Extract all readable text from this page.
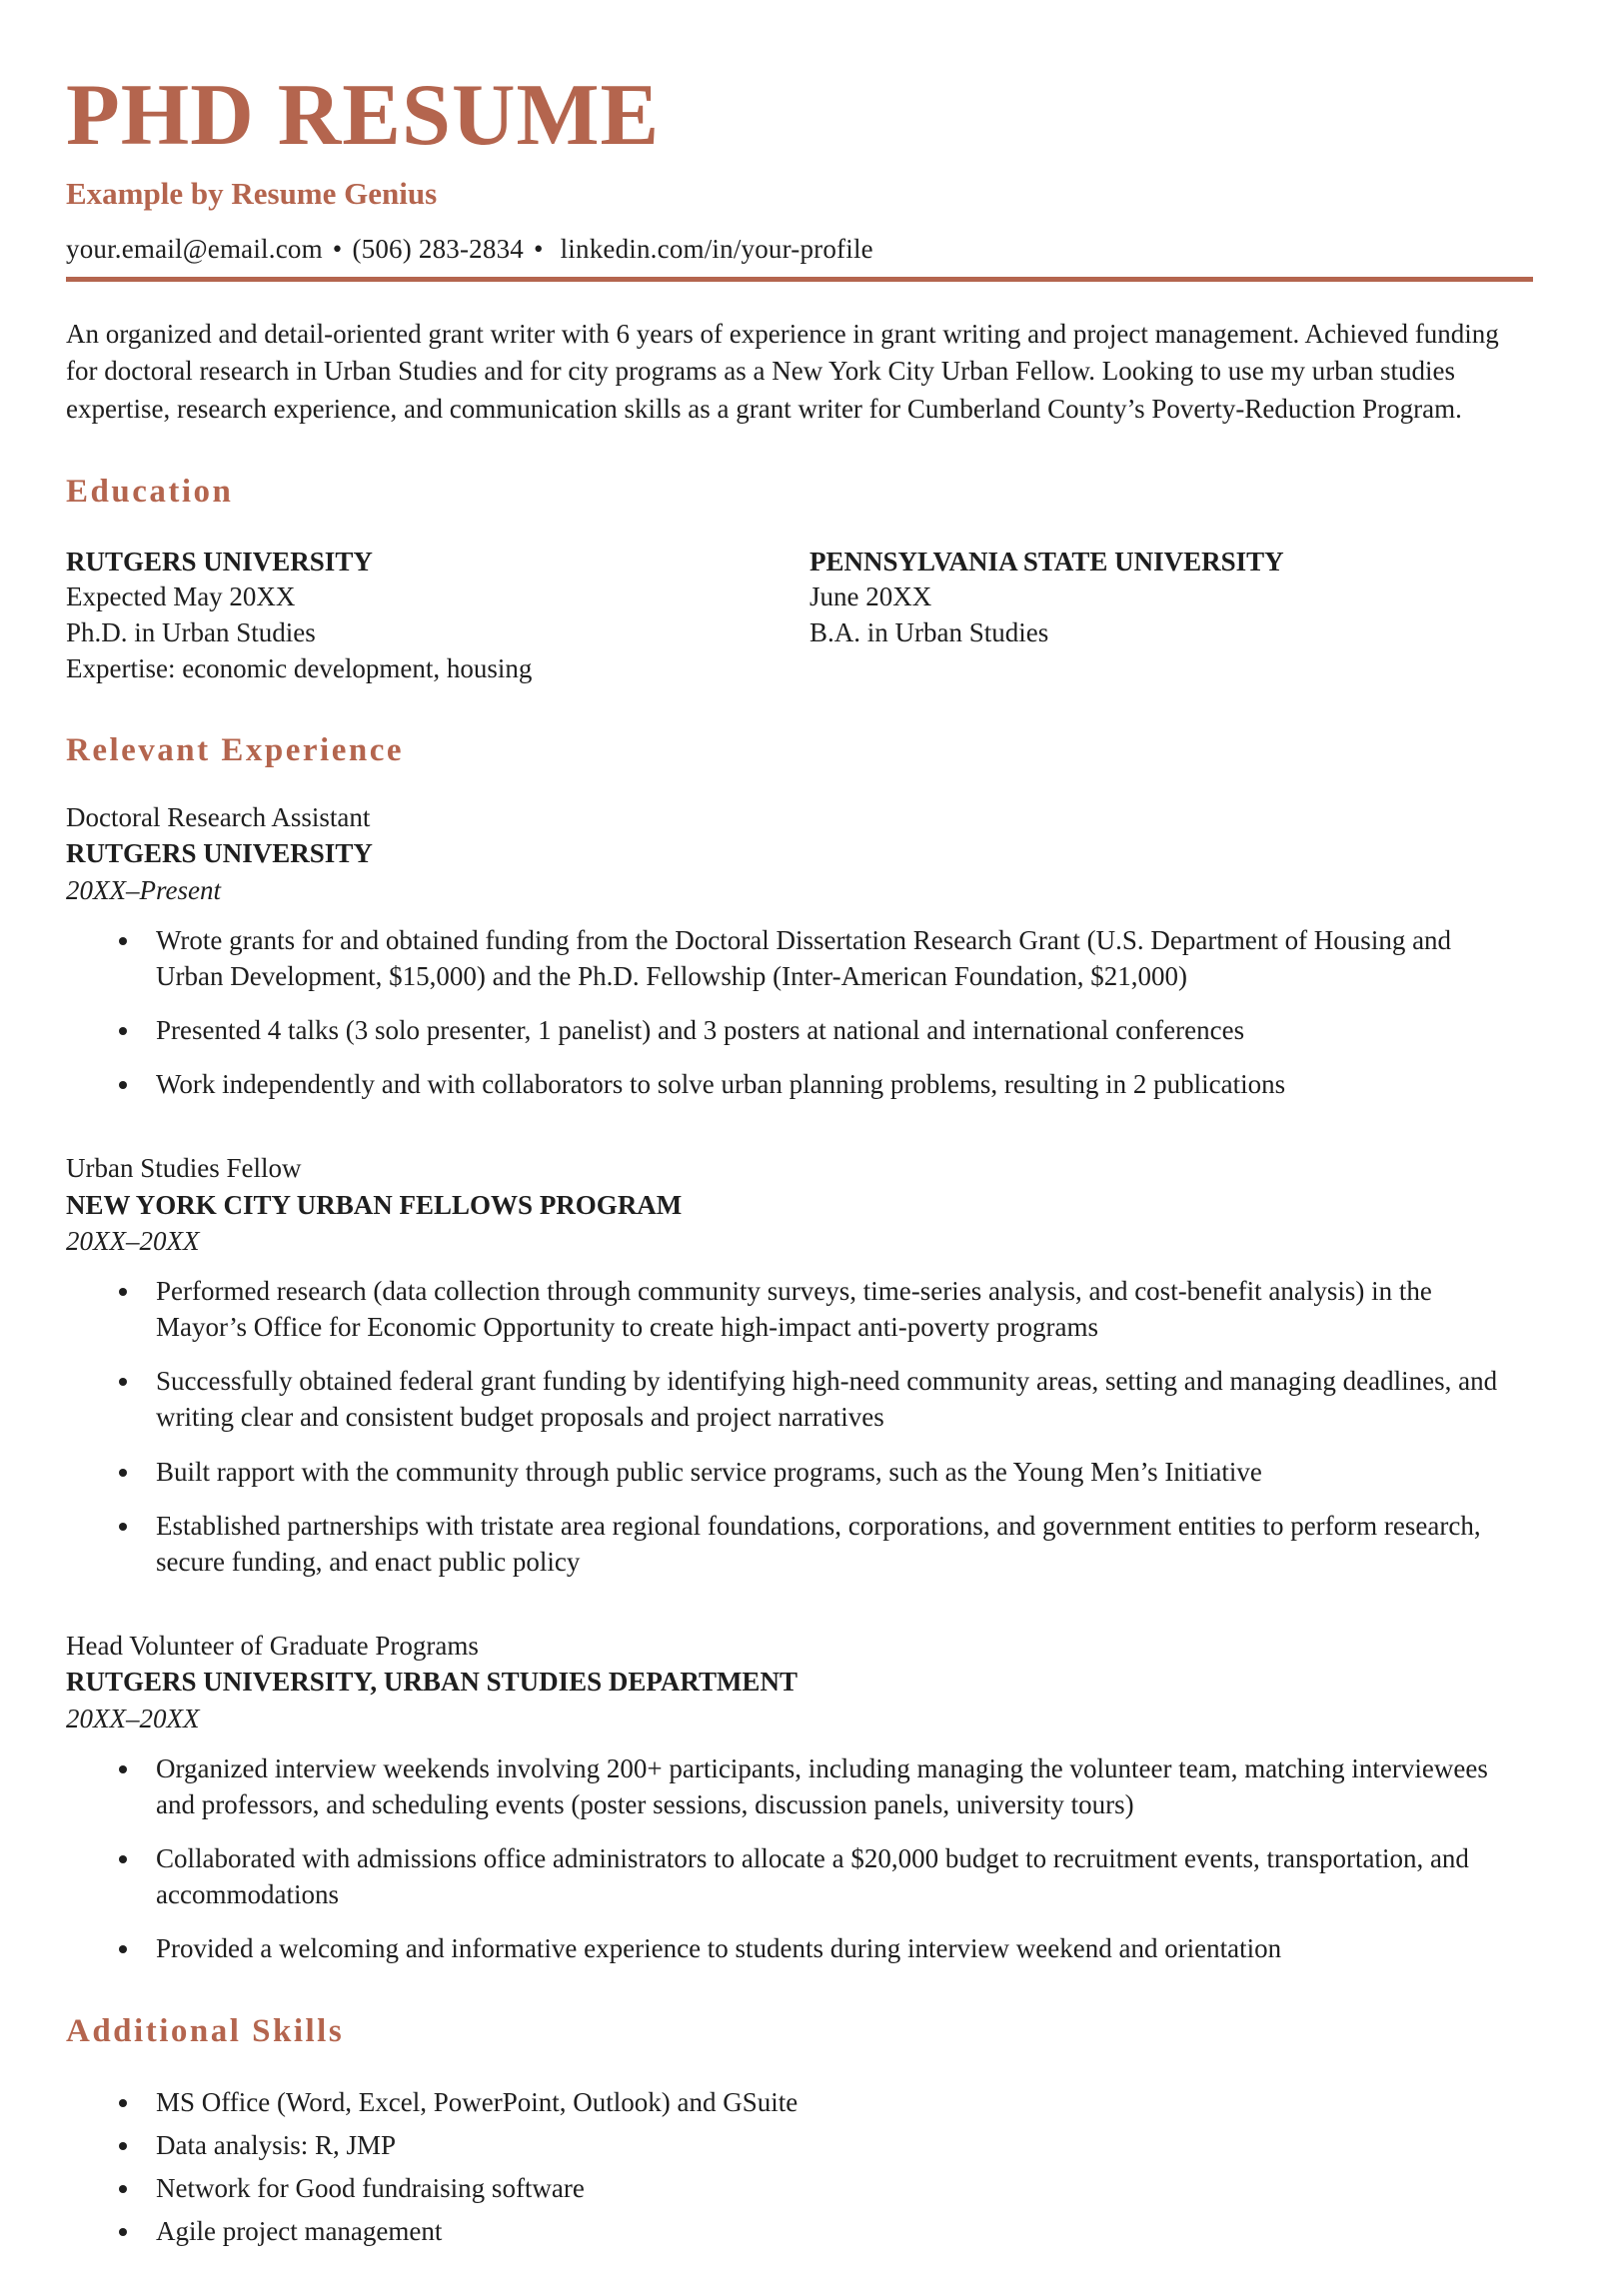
PHD RESUME
Example by Resume Genius
your.email@email.com • (506) 283-2834 • linkedin.com/in/your-profile

An organized and detail-oriented grant writer with 6 years of experience in grant writing and project management. Achieved funding for doctoral research in Urban Studies and for city programs as a New York City Urban Fellow. Looking to use my urban studies expertise, research experience, and communication skills as a grant writer for Cumberland County’s Poverty-Reduction Program.

Education
RUTGERS UNIVERSITY
Expected May 20XX
Ph.D. in Urban Studies
Expertise: economic development, housing
PENNSYLVANIA STATE UNIVERSITY
June 20XX
B.A. in Urban Studies
Relevant Experience
Doctoral Research Assistant
RUTGERS UNIVERSITY
20XX–Present
• Wrote grants for and obtained funding from the Doctoral Dissertation Research Grant (U.S. Department of Housing and Urban Development, $15,000) and the Ph.D. Fellowship (Inter-American Foundation, $21,000)
• Presented 4 talks (3 solo presenter, 1 panelist) and 3 posters at national and international conferences
• Work independently and with collaborators to solve urban planning problems, resulting in 2 publications
Urban Studies Fellow
NEW YORK CITY URBAN FELLOWS PROGRAM
20XX–20XX
• Performed research (data collection through community surveys, time-series analysis, and cost-benefit analysis) in the Mayor’s Office for Economic Opportunity to create high-impact anti-poverty programs
• Successfully obtained federal grant funding by identifying high-need community areas, setting and managing deadlines, and writing clear and consistent budget proposals and project narratives
• Built rapport with the community through public service programs, such as the Young Men’s Initiative
• Established partnerships with tristate area regional foundations, corporations, and government entities to perform research, secure funding, and enact public policy
Head Volunteer of Graduate Programs
RUTGERS UNIVERSITY, URBAN STUDIES DEPARTMENT
20XX–20XX
• Organized interview weekends involving 200+ participants, including managing the volunteer team, matching interviewees and professors, and scheduling events (poster sessions, discussion panels, university tours)
• Collaborated with admissions office administrators to allocate a $20,000 budget to recruitment events, transportation, and accommodations
• Provided a welcoming and informative experience to students during interview weekend and orientation
Additional Skills
• MS Office (Word, Excel, PowerPoint, Outlook) and GSuite
• Data analysis: R, JMP
• Network for Good fundraising software
• Agile project management
